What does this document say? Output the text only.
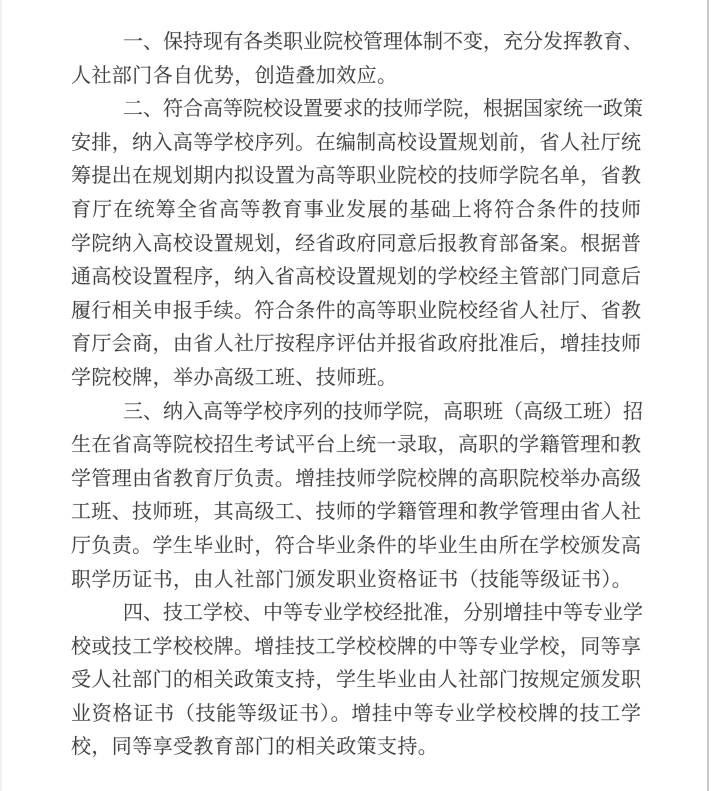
一、保持现有各类职业院校管理体制不变，充分发挥教育、
人社部门各自优势，创造叠加效应。
二、符合高等院校设置要求的技师学院，根据国家统一政策
安排，纳入高等学校序列。在编制高校设置规划前，省人社厅统
筹提出在规划期内拟设置为高等职业院校的技师学院名单，省教
育厅在统筹全省高等教育事业发展的基础上将符合条件的技师
学院纳入高校设置规划，经省政府同意后报教育部备案。根据普
通高校设置程序，纳入省高校设置规划的学校经主管部门同意后
履行相关申报手续。符合条件的高等职业院校经省人社厅、省教
育厅会商，由省人社厅按程序评估并报省政府批准后，增挂技师
学院校牌，举办高级工班、技师班。
三、纳入高等学校序列的技师学院，高职班（高级工班）招
生在省高等院校招生考试平台上统一录取，高职的学籍管理和教
学管理由省教育厅负责。增挂技师学院校牌的高职院校举办高级
工班、技师班，其高级工、技师的学籍管理和教学管理由省人社
厅负责。学生毕业时，符合毕业条件的毕业生由所在学校颁发高
职学历证书，由人社部门颁发职业资格证书（技能等级证书）。
四、技工学校、中等专业学校经批准，分别增挂中等专业学
校或技工学校校牌。增挂技工学校校牌的中等专业学校，同等享
受人社部门的相关政策支持，学生毕业由人社部门按规定颁发职
业资格证书（技能等级证书）。增挂中等专业学校校牌的技工学
校，同等享受教育部门的相关政策支持。
